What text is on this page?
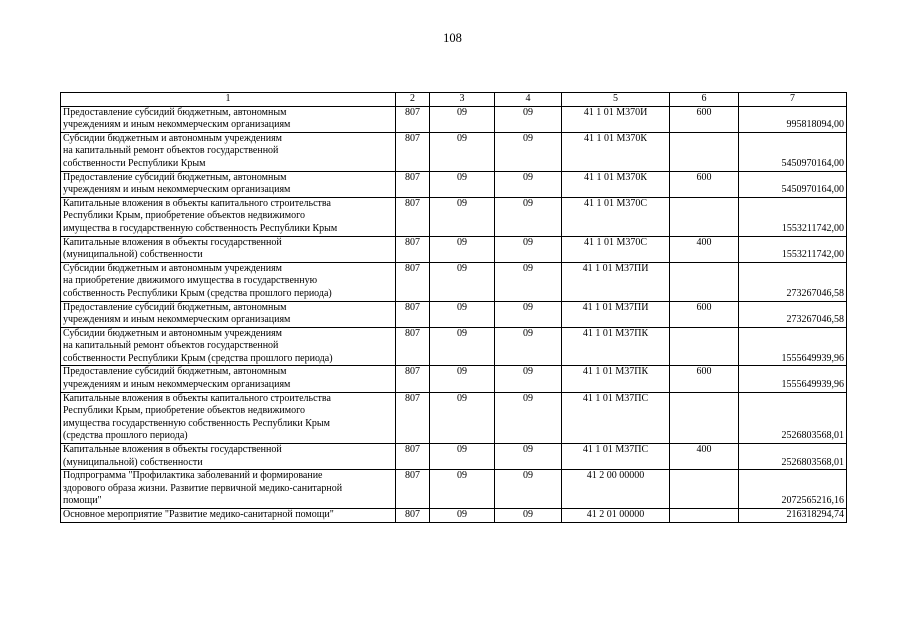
108
1	2	3	4	5	6	7
Предоставление субсидий бюджетным, автономным
учреждениям и иным некоммерческим организациям	807	09	09	41 1 01 М370И	600	995818094,00
Субсидии бюджетным и автономным учреждениям
на капитальный ремонт объектов государственной
собственности Республики Крым	807	09	09	41 1 01 М370К		5450970164,00
Предоставление субсидий бюджетным, автономным
учреждениям и иным некоммерческим организациям	807	09	09	41 1 01 М370К	600	5450970164,00
Капитальные вложения в объекты капитального строительства
Республики Крым, приобретение объектов недвижимого
имущества в государственную собственность Республики Крым	807	09	09	41 1 01 М370С		1553211742,00
Капитальные вложения в объекты государственной
(муниципальной) собственности	807	09	09	41 1 01 М370С	400	1553211742,00
Субсидии бюджетным и автономным учреждениям
на приобретение движимого имущества в государственную
собственность Республики Крым (средства прошлого периода)	807	09	09	41 1 01 М37ПИ		273267046,58
Предоставление субсидий бюджетным, автономным
учреждениям и иным некоммерческим организациям	807	09	09	41 1 01 М37ПИ	600	273267046,58
Субсидии бюджетным и автономным учреждениям
на капитальный ремонт объектов государственной
собственности Республики Крым (средства прошлого периода)	807	09	09	41 1 01 М37ПК		1555649939,96
Предоставление субсидий бюджетным, автономным
учреждениям и иным некоммерческим организациям	807	09	09	41 1 01 М37ПК	600	1555649939,96
Капитальные вложения в объекты капитального строительства
Республики Крым, приобретение объектов недвижимого
имущества государственную собственность Республики Крым
(средства прошлого периода)	807	09	09	41 1 01 М37ПС		2526803568,01
Капитальные вложения в объекты государственной
(муниципальной) собственности	807	09	09	41 1 01 М37ПС	400	2526803568,01
Подпрограмма "Профилактика заболеваний и формирование
здорового образа жизни. Развитие первичной медико-санитарной
помощи"	807	09	09	41 2 00 00000		2072565216,16
Основное мероприятие "Развитие медико-санитарной помощи"	807	09	09	41 2 01 00000		216318294,74
